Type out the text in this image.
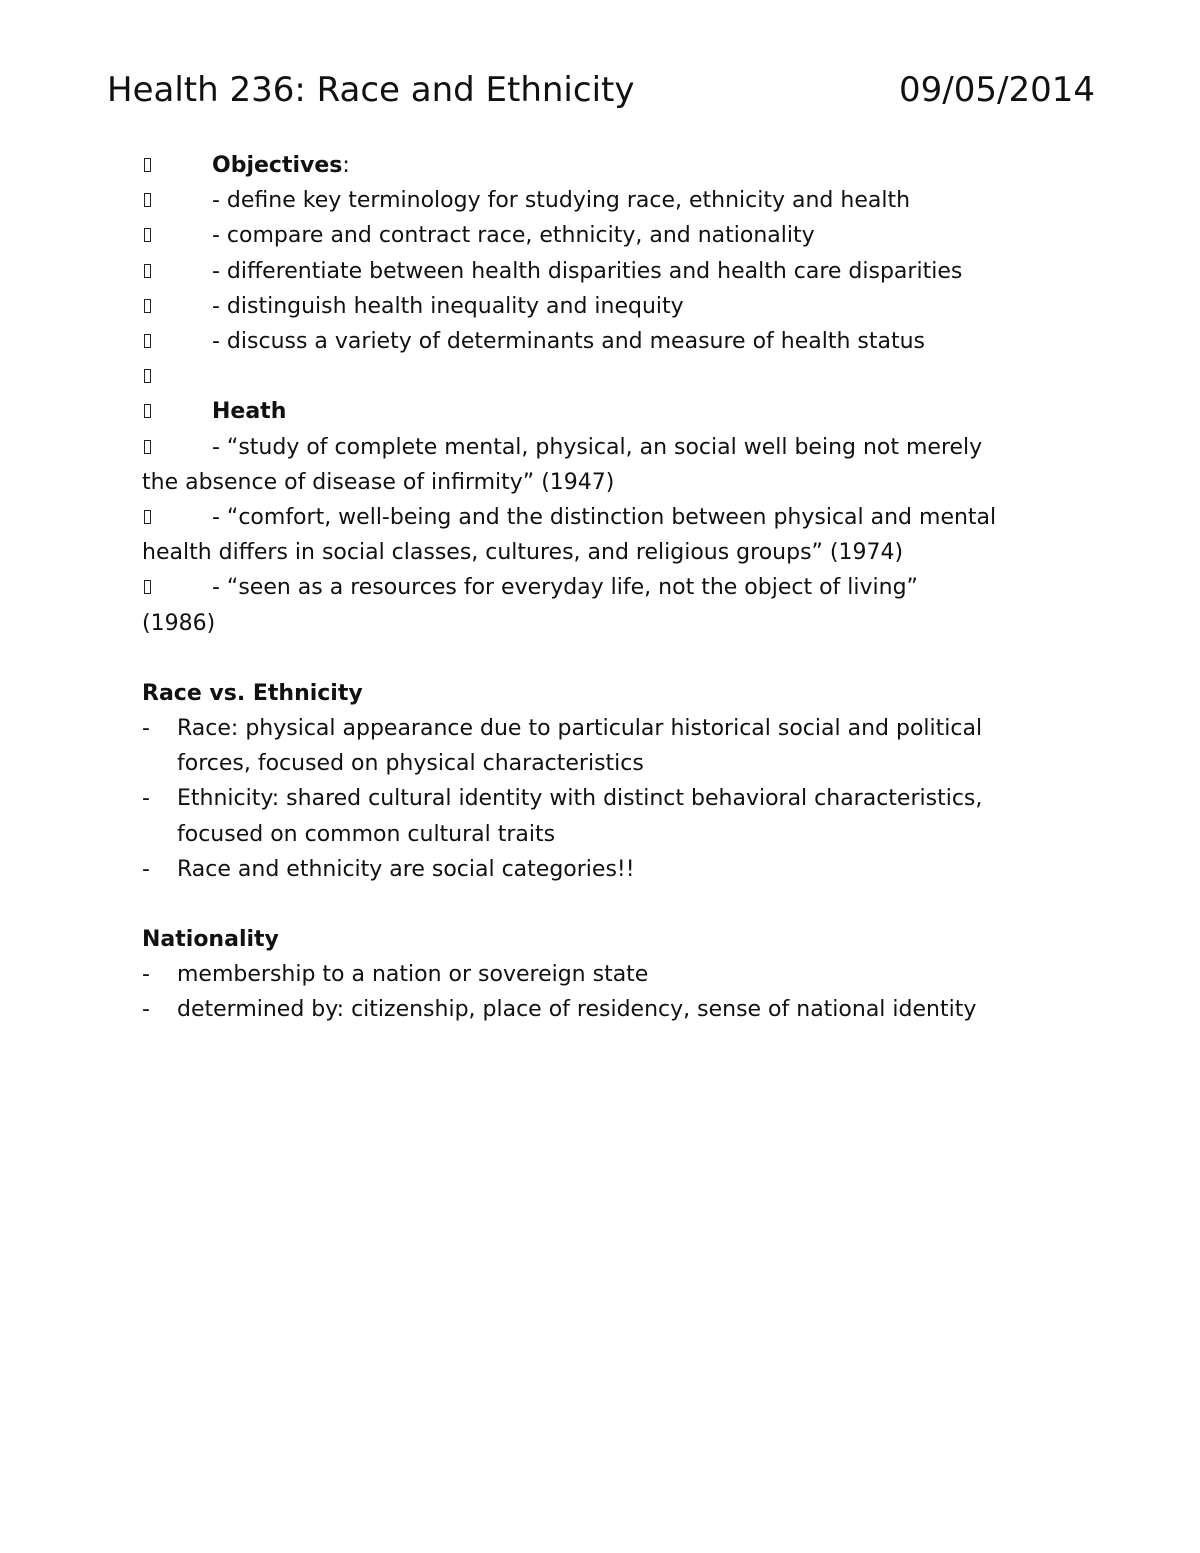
Health 236: Race and Ethnicity	09/05/2014
Objectives:
- define key terminology for studying race, ethnicity and health
- compare and contract race, ethnicity, and nationality
- differentiate between health disparities and health care disparities
- distinguish health inequality and inequity
- discuss a variety of determinants and measure of health status
Heath
- “study of complete mental, physical, an social well being not merely
the absence of disease of infirmity” (1947)
- “comfort, well-being and the distinction between physical and mental
health differs in social classes, cultures, and religious groups” (1974)
- “seen as a resources for everyday life, not the object of living”
(1986)
Race vs. Ethnicity
- Race: physical appearance due to particular historical social and political
forces, focused on physical characteristics
- Ethnicity: shared cultural identity with distinct behavioral characteristics,
focused on common cultural traits
- Race and ethnicity are social categories!!
Nationality
- membership to a nation or sovereign state
- determined by: citizenship, place of residency, sense of national identity
